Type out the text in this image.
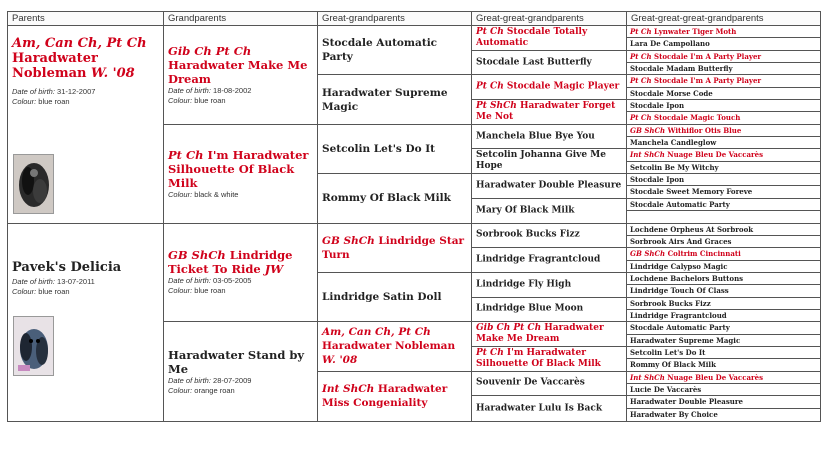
Parents
Am, Can Ch, Pt Ch
Haradwater Nobleman W. '08
Date of birth: 31-12-2007
Colour: blue roan
Pavek's Delicia
Date of birth: 13-07-2011
Colour: blue roan
Grandparents
Gib Ch Pt Ch Haradwater Make Me Dream
Date of birth: 18-08-2002
Colour: blue roan
Pt Ch I'm Haradwater Silhouette Of Black Milk
Colour: black & white
GB ShCh Lindridge Ticket To Ride JW
Date of birth: 03-05-2005
Colour: blue roan
Haradwater Stand by Me
Date of birth: 28-07-2009
Colour: orange roan
Great-grandparents
Stocdale Automatic Party
Haradwater Supreme Magic
Setcolin Let's Do It
Rommy Of Black Milk
GB ShCh Lindridge Star Turn
Lindridge Satin Doll
Am, Can Ch, Pt Ch Haradwater Nobleman W. '08
Int ShCh Haradwater Miss Congeniality
Great-great-grandparents
Pt Ch Stocdale Totally Automatic
Stocdale Last Butterfly
Pt Ch Stocdale Magic Player
Pt ShCh Haradwater Forget Me Not
Manchela Blue Bye You
Setcolin Johanna Give Me Hope
Haradwater Double Pleasure
Mary Of Black Milk
Sorbrook Bucks Fizz
Lindridge Fragrantcloud
Lindridge Fly High
Lindridge Blue Moon
Gib Ch Pt Ch Haradwater Make Me Dream
Pt Ch I'm Haradwater Silhouette Of Black Milk
Souvenir De Vaccarès
Haradwater Lulu Is Back
Great-great-great-grandparents
Pt Ch Lynwater Tiger Moth
Lara De Campollano
Pt Ch Stocdale I'm A Party Player
Stocdale Madam Butterfly
Pt Ch Stocdale I'm A Party Player
Stocdale Morse Code
Stocdale Ipon
Pt Ch Stocdale Magic Touch
GB ShCh Withiflor Otis Blue
Manchela Candleglow
Int ShCh Nuage Bleu De Vaccarès
Setcolin Be My Witchy
Stocdale Ipon
Stocdale Sweet Memory Foreve
Stocdale Automatic Party
Lochdene Orpheus At Sorbrook
Sorbrook Airs And Graces
GB ShCh Coltrim Cincinnati
Lindridge Calypso Magic
Lochdene Bachelors Buttons
Lindridge Touch Of Class
Sorbrook Bucks Fizz
Lindridge Fragrantcloud
Stocdale Automatic Party
Haradwater Supreme Magic
Setcolin Let's Do It
Rommy Of Black Milk
Int ShCh Nuage Bleu De Vaccarès
Lucie De Vaccarès
Haradwater Double Pleasure
Haradwater By Choice
